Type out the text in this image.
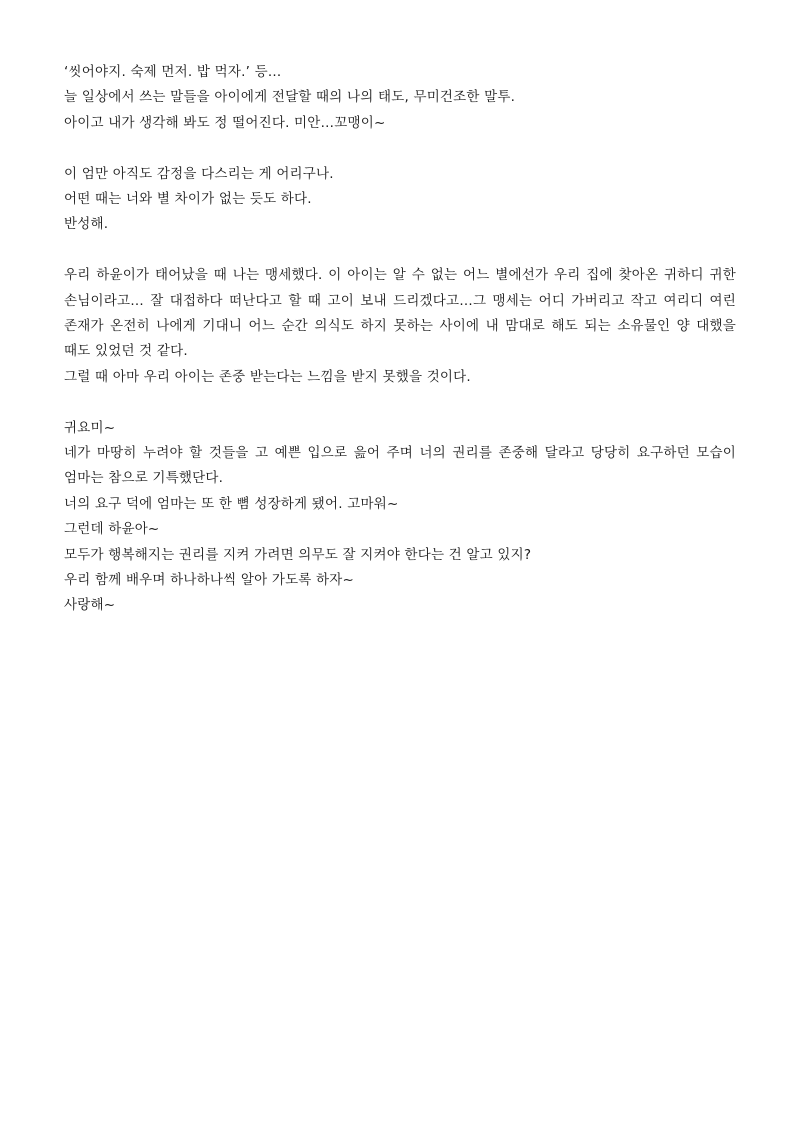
‘씻어야지. 숙제 먼저. 밥 먹자.’ 등…
늘 일상에서 쓰는 말들을 아이에게 전달할 때의 나의 태도, 무미건조한 말투.
아이고 내가 생각해 봐도 정 떨어진다. 미안…꼬맹이~

이 엄만 아직도 감정을 다스리는 게 어리구나.
어떤 때는 너와 별 차이가 없는 듯도 하다.
반성해.

우리 하윤이가 태어났을 때 나는 맹세했다. 이 아이는 알 수 없는 어느 별에선가 우리 집에 찾아온 귀하디 귀한 손님이라고… 잘 대접하다 떠난다고 할 때 고이 보내 드리겠다고…그 맹세는 어디 가버리고 작고 여리디 여린 존재가 온전히 나에게 기대니 어느 순간 의식도 하지 못하는 사이에 내 맘대로 해도 되는 소유물인 양 대했을 때도 있었던 것 같다.
그럴 때 아마 우리 아이는 존중 받는다는 느낌을 받지 못했을 것이다.

귀요미~
네가 마땅히 누려야 할 것들을 고 예쁜 입으로 읊어 주며 너의 권리를 존중해 달라고 당당히 요구하던 모습이 엄마는 참으로 기특했단다.
너의 요구 덕에 엄마는 또 한 뼘 성장하게 됐어. 고마워~
그런데 하윤아~
모두가 행복해지는 권리를 지켜 가려면 의무도 잘 지켜야 한다는 건 알고 있지?
우리 함께 배우며 하나하나씩 알아 가도록 하자~
사랑해~
